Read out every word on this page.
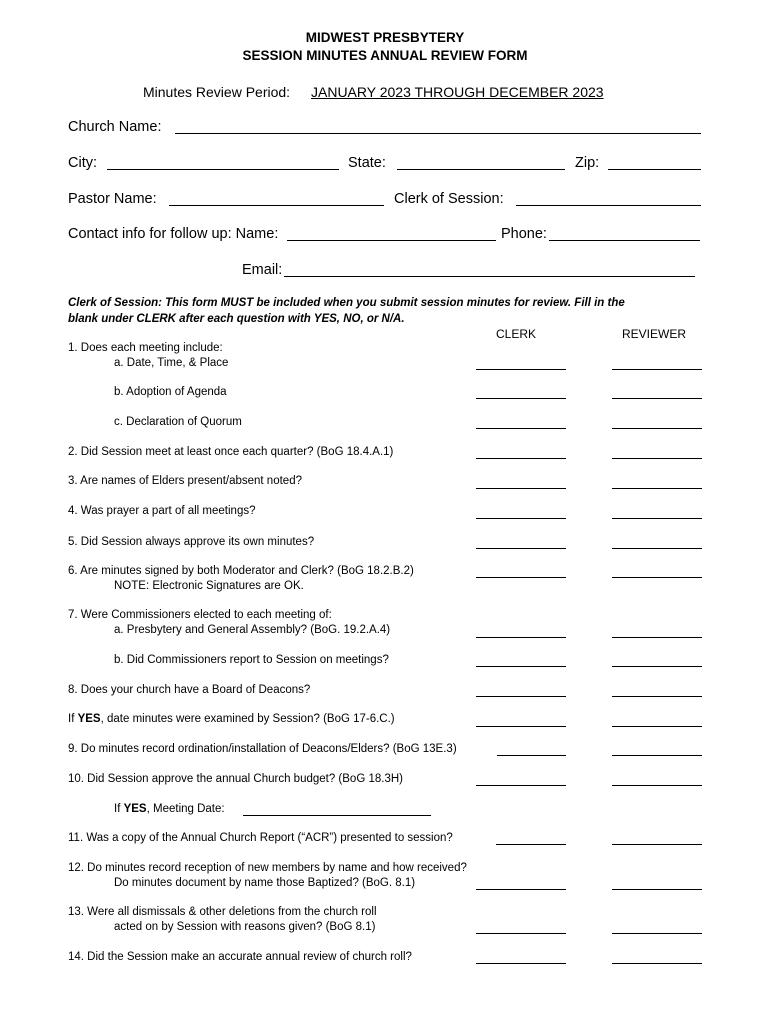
MIDWEST PRESBYTERY
SESSION MINUTES ANNUAL REVIEW FORM
Minutes Review Period: JANUARY 2023 THROUGH DECEMBER 2023
Church Name:
City:	State:	Zip:
Pastor Name:	Clerk of Session:
Contact info for follow up: Name:	Phone:
Email:
Clerk of Session: This form MUST be included when you submit session minutes for review. Fill in the
blank under CLERK after each question with YES, NO, or N/A.
CLERK	REVIEWER
1. Does each meeting include:
a. Date, Time, & Place
b. Adoption of Agenda
c. Declaration of Quorum
2. Did Session meet at least once each quarter? (BoG 18.4.A.1)
3. Are names of Elders present/absent noted?
4. Was prayer a part of all meetings?
5. Did Session always approve its own minutes?
6. Are minutes signed by both Moderator and Clerk? (BoG 18.2.B.2)
NOTE: Electronic Signatures are OK.
7. Were Commissioners elected to each meeting of:
a. Presbytery and General Assembly? (BoG. 19.2.A.4)
b. Did Commissioners report to Session on meetings?
8. Does your church have a Board of Deacons?
If YES, date minutes were examined by Session? (BoG 17-6.C.)
9. Do minutes record ordination/installation of Deacons/Elders? (BoG 13E.3)
10. Did Session approve the annual Church budget? (BoG 18.3H)
If YES, Meeting Date:
11. Was a copy of the Annual Church Report (“ACR”) presented to session?
12. Do minutes record reception of new members by name and how received?
Do minutes document by name those Baptized? (BoG. 8.1)
13. Were all dismissals & other deletions from the church roll
acted on by Session with reasons given? (BoG 8.1)
14. Did the Session make an accurate annual review of church roll?
